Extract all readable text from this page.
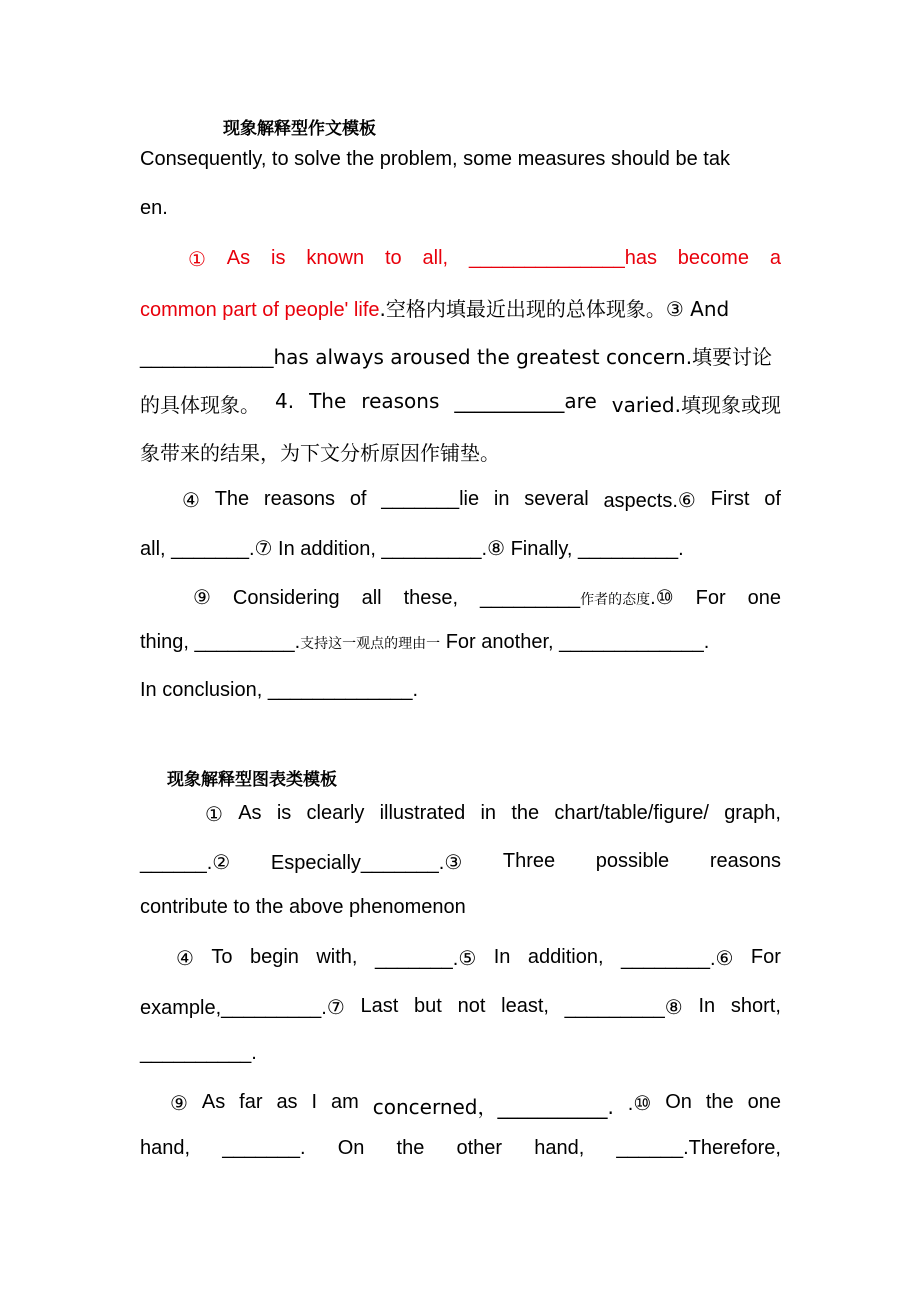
现象解释型作文模板
Consequently, to solve the problem, some measures should be tak
en.
① As is known to all, ______________has become a
common part of people' life.空格内填最近出现的总体现象。③ And
____________has always aroused the greatest concern.填要讨论
的具体现象。 4. The reasons ___________are varied.填现象或现
象带来的结果，为下文分析原因作铺垫。
④ The reasons of _______lie in several aspects.⑥ First of
all, _______.⑦ In addition, _________.⑧ Finally, _________.
⑨ Considering all these, _________作者的态度.⑩ For one
thing, _________.支持这一观点的理由一 For another, _____________.
In conclusion, _____________.
现象解释型图表类模板
① As is clearly illustrated in the chart/table/figure/ graph,
______.② Especially_______.③ Three possible reasons
contribute to the above phenomenon
④ To begin with, _______.⑤ In addition, ________.⑥ For
example,_________.⑦ Last but not least, _________⑧ In short,
__________.
⑨ As far as I am concerned，___________. .⑩ On the one
hand, _______. On the other hand, ______.Therefore,
